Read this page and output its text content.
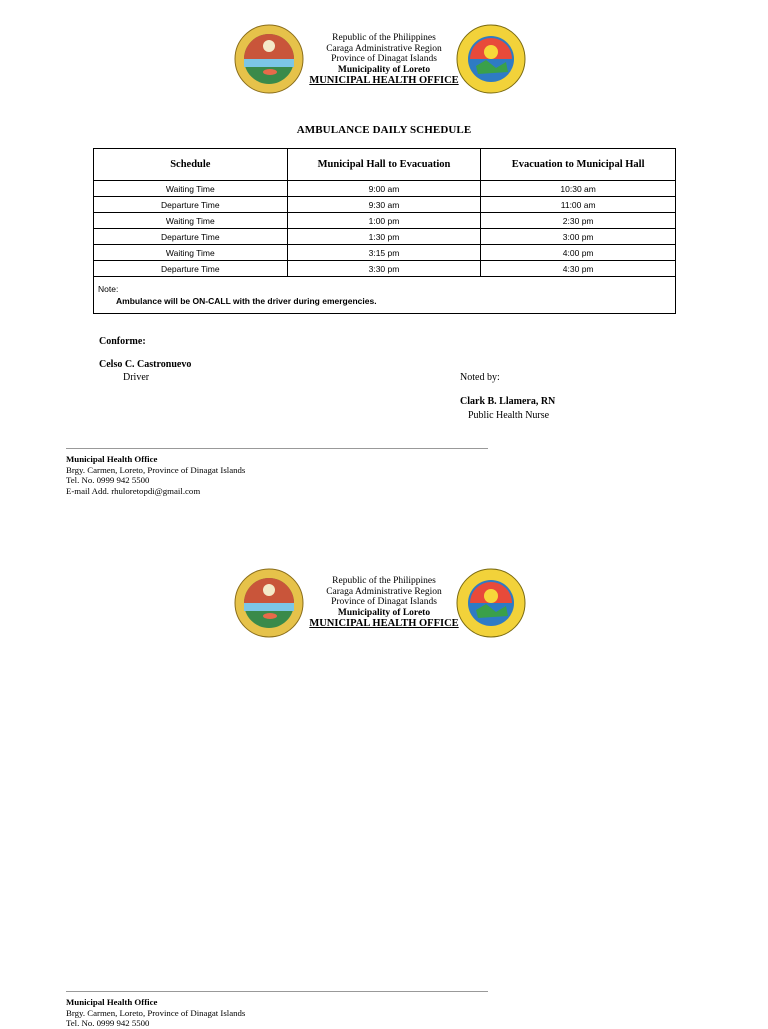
Republic of the Philippines
Caraga Administrative Region
Province of Dinagat Islands
Municipality of Loreto
MUNICIPAL HEALTH OFFICE
AMBULANCE DAILY SCHEDULE
Schedule	Municipal Hall to Evacuation	Evacuation to Municipal Hall
Waiting Time	9:00 am	10:30 am
Departure Time	9:30 am	11:00 am
Waiting Time	1:00 pm	2:30 pm
Departure Time	1:30 pm	3:00 pm
Waiting Time	3:15 pm	4:00 pm
Departure Time	3:30 pm	4:30 pm

Note:
Ambulance will be ON-CALL with the driver during emergencies.		
Conforme:
Celso C. Castronuevo
Driver	Noted by:
Clark B. Llamera, RN
Public Health Nurse
Municipal Health Office
Brgy. Carmen, Loreto, Province of Dinagat Islands
Tel. No. 0999 942 5500
E-mail Add. rhuloretopdi@gmail.com
Republic of the Philippines
Caraga Administrative Region
Province of Dinagat Islands
Municipality of Loreto
MUNICIPAL HEALTH OFFICE
Municipal Health Office
Brgy. Carmen, Loreto, Province of Dinagat Islands
Tel. No. 0999 942 5500
